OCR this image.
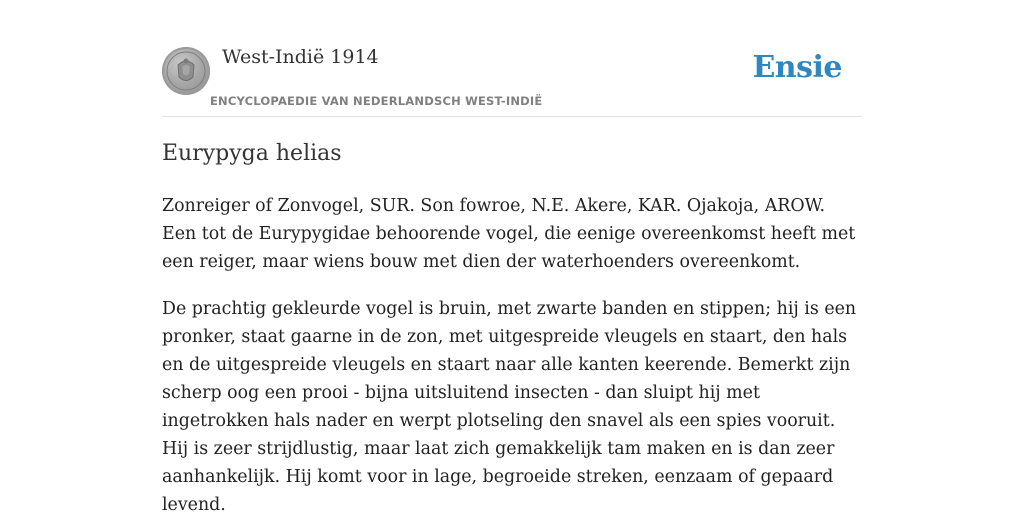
West-Indië 1914
ENCYCLOPAEDIE VAN NEDERLANDSCH WEST-INDIË
Ensie
Eurypyga helias

Zonreiger of Zonvogel, SUR. Son fowroe, N.E. Akere, KAR. Ojakoja, AROW. Een tot de Eurypygidae behoorende vogel, die eenige overeenkomst heeft met een reiger, maar wiens bouw met dien der waterhoenders overeenkomt.

De prachtig gekleurde vogel is bruin, met zwarte banden en stippen; hij is een pronker, staat gaarne in de zon, met uitgespreide vleugels en staart, den hals en de uitgespreide vleugels en staart naar alle kanten keerende. Bemerkt zijn scherp oog een prooi - bijna uitsluitend insecten - dan sluipt hij met ingetrokken hals nader en werpt plotseling den snavel als een spies vooruit. Hij is zeer strijdlustig, maar laat zich gemakkelijk tam maken en is dan zeer aanhankelijk. Hij komt voor in lage, begroeide streken, eenzaam of gepaard levend.
